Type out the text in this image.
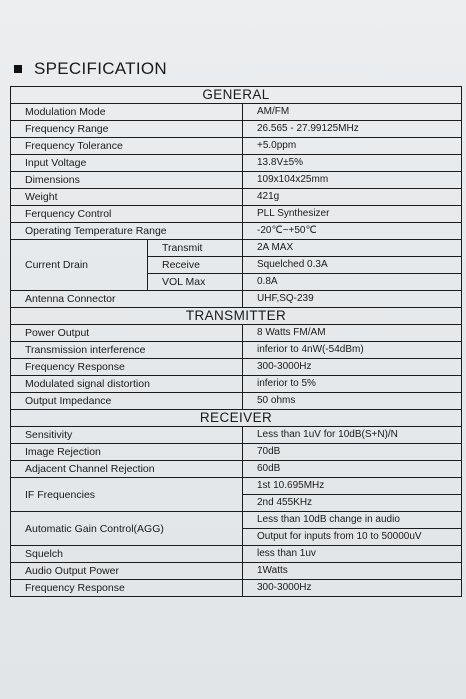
SPECIFICATION
GENERAL		
Modulation Mode		AM/FM
Frequency Range		26.565 - 27.99125MHz
Frequency Tolerance		+5.0ppm
Input Voltage		13.8V±5%
Dimensions		109x104x25mm
Weight		421g
Ferquency Control		PLL Synthesizer
Operating Temperature Range		-20℃~+50℃
Current Drain	Transmit	2A MAX
	Receive	Squelched 0.3A
	VOL Max	0.8A
Antenna Connector		UHF,SQ-239
TRANSMITTER		
Power Output		8 Watts FM/AM
Transmission interference		inferior to 4nW(-54dBm)
Frequency Response		300-3000Hz
Modulated signal distortion		inferior to 5%
Output Impedance		50 ohms
RECEIVER		
Sensitivity		Less than 1uV for 10dB(S+N)/N
Image Rejection		70dB
Adjacent Channel Rejection		60dB
IF Frequencies		1st 10.695MHz
		2nd 455KHz
Automatic Gain Control(AGG)		Less than 10dB change in audio
		Output for inputs from 10 to 50000uV
Squelch		less than 1uv
Audio Output Power		1Watts
Frequency Response		300-3000Hz
